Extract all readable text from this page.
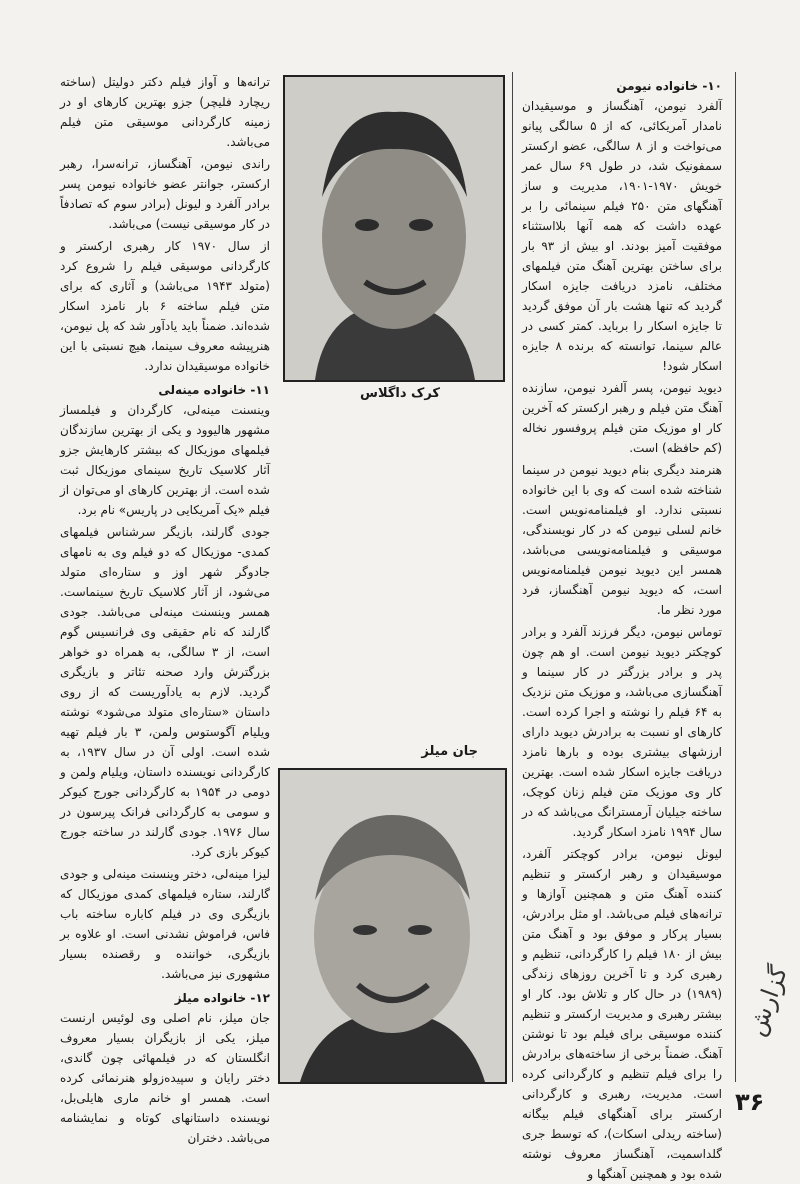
۱۰- خانواده نیومن

آلفرد نیومن، آهنگساز و موسیقیدان نامدار آمریکائی، که از ۵ سالگی پیانو می‌نواخت و از ۸ سالگی، عضو ارکستر سمفونیک شد، در طول ۶۹ سال عمر خویش ۱۹۷۰-۱۹۰۱، مدیریت و ساز آهنگهای متن ۲۵۰ فیلم سینمائی را بر عهده داشت که همه آنها بلااستثناء موفقیت آمیز بودند. او بیش از ۹۳ بار برای ساختن بهترین آهنگ متن فیلمهای مختلف، نامزد دریافت جایزه اسکار گردید که تنها هشت بار آن موفق گردید تا جایزه اسکار را برباید. کمتر کسی در عالم سینما، توانسته که برنده ۸ جایزه اسکار شود!

دیوید نیومن، پسر آلفرد نیومن، سازنده آهنگ متن فیلم و رهبر ارکستر که آخرین کار او موزیک متن فیلم پروفسور نخاله (کم حافظه) است.

هنرمند دیگری بنام دیوید نیومن در سینما شناخته شده است که وی با این خانواده نسبتی ندارد. او فیلمنامه‌نویس است. خانم لسلی نیومن که در کار نویسندگی، موسیقی و فیلمنامه‌نویسی می‌باشد، همسر این دیوید نیومن فیلمنامه‌نویس است، که دیوید نیومن آهنگساز، فرد مورد نظر ما.

توماس نیومن، دیگر فرزند آلفرد و برادر کوچکتر دیوید نیومن است. او هم چون پدر و برادر بزرگتر در کار سینما و آهنگسازی می‌باشد، و موزیک متن نزدیک به ۶۴ فیلم را نوشته و اجرا کرده است. کارهای او نسبت به برادرش دیوید دارای ارزشهای بیشتری بوده و بارها نامزد دریافت جایزه اسکار شده است. بهترین کار وی موزیک متن فیلم زنان کوچک، ساخته جیلیان آرمسترانگ می‌باشد که در سال ۱۹۹۴ نامزد اسکار گردید.

لیونل نیومن، برادر کوچکتر آلفرد، موسیقیدان و رهبر ارکستر و تنظیم کننده آهنگ متن و همچنین آوازها و ترانه‌های فیلم می‌باشد. او مثل برادرش، بسیار پرکار و موفق بود و آهنگ متن بیش از ۱۸۰ فیلم را کارگردانی، تنظیم و رهبری کرد و تا آخرین روزهای زندگی (۱۹۸۹) در حال کار و تلاش بود. کار او بیشتر رهبری و مدیریت ارکستر و تنظیم کننده موسیقی برای فیلم بود تا نوشتن آهنگ. ضمناً برخی از ساخته‌های برادرش را برای فیلم تنظیم و کارگردانی کرده است. مدیریت، رهبری و کارگردانی ارکستر برای آهنگهای فیلم بیگانه (ساخته ریدلی اسکات)، که توسط جری گلداسمیت، آهنگساز معروف نوشته شده بود و همچنین آهنگها و

کرک داگلاس
جان میلز

ترانه‌ها و آواز فیلم دکتر دولیتل (ساخته ریچارد فلیچر) جزو بهترین کارهای او در زمینه کارگردانی موسیقی متن فیلم می‌باشد.

راندی نیومن، آهنگساز، ترانه‌سرا، رهبر ارکستر، جوانتر عضو خانواده نیومن پسر برادر آلفرد و لیونل (برادر سوم که تصادفاً در کار موسیقی نیست) می‌باشد.

از سال ۱۹۷۰ کار رهبری ارکستر و کارگردانی موسیقی فیلم را شروع کرد (متولد ۱۹۴۳ می‌باشد) و آثاری که برای متن فیلم ساخته ۶ بار نامزد اسکار شده‌اند. ضمناً باید یادآور شد که پل نیومن، هنرپیشه معروف سینما، هیچ نسبتی با این خانواده موسیقیدان ندارد.

۱۱- خانواده مینه‌لی

وینسنت مینه‌لی، کارگردان و فیلمساز مشهور هالیوود و یکی از بهترین سازندگان فیلمهای موزیکال که بیشتر کارهایش جزو آثار کلاسیک تاریخ سینمای موزیکال ثبت شده است. از بهترین کارهای او می‌توان از فیلم «یک آمریکایی در پاریس» نام برد.

جودی گارلند، بازیگر سرشناس فیلمهای کمدی- موزیکال که دو فیلم وی به نامهای جادوگر شهر اوز و ستاره‌ای متولد می‌شود، از آثار کلاسیک تاریخ سینماست. همسر وینسنت مینه‌لی می‌باشد. جودی گارلند که نام حقیقی وی فرانسیس گوم است، از ۳ سالگی، به همراه دو خواهر بزرگترش وارد صحنه تئاتر و بازیگری گردید. لازم به یادآوریست که از روی داستان «ستاره‌ای متولد می‌شود» نوشته ویلیام آگوستوس ولمن، ۳ بار فیلم تهیه شده است. اولی آن در سال ۱۹۳۷، به کارگردانی نویسنده داستان، ویلیام ولمن و دومی در ۱۹۵۴ به کارگردانی جورج کیوکر و سومی به کارگردانی فرانک پیرسون در سال ۱۹۷۶. جودی گارلند در ساخته جورج کیوکر بازی کرد.

لیزا مینه‌لی، دختر وینسنت مینه‌لی و جودی گارلند، ستاره فیلمهای کمدی موزیکال که بازیگری وی در فیلم کاباره ساخته باب فاس، فراموش نشدنی است. او علاوه بر بازیگری، خواننده و رقصنده بسیار مشهوری نیز می‌باشد.

۱۲- خانواده میلز

جان میلز، نام اصلی وی لوئیس ارنست میلز، یکی از بازیگران بسیار معروف انگلستان که در فیلمهائی چون گاندی، دختر رایان و سپیده‌زولو هنرنمائی کرده است. همسر او خانم ماری هایلی‌بل، نویسنده داستانهای کوتاه و نمایشنامه می‌باشد. دختران

گزارش
۳۶
